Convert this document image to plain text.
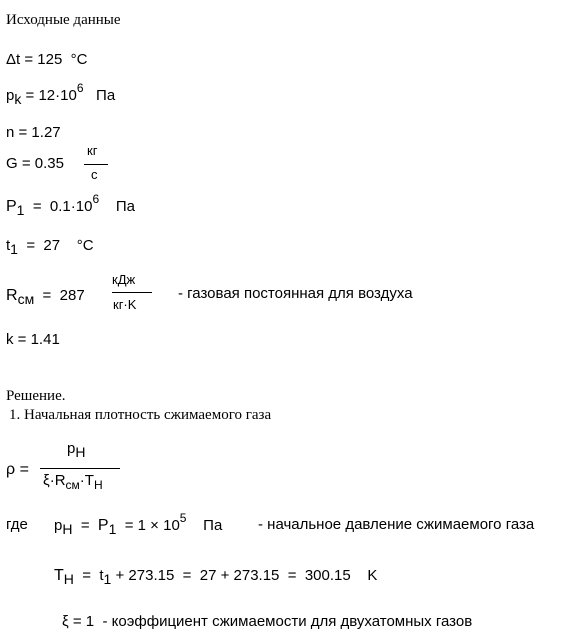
Исходные данные
Δt = 125 °C
pk = $12\cdot 10^6$ Па
n = 1.27
G = 0.35
кг
с
$P1 = 0.1\cdot 10^6$ Па
t1 = 27 °C
Rсм = 287
кДж
кг·K
- газовая постоянная для воздуха
k = 1.41
Решение.
1. Начальная плотность сжимаемого газа
ρ =
pH
$\xi\cdot R_{см}\cdot T_H$
где pH = $P1 = 1 \times 10^5$ Па - начальное давление сжимаемого газа
TH = t1 + 273.15  =  27 + 273.15  =  300.15 K
ξ = 1 - коэффициент сжимаемости для двухатомных газов
